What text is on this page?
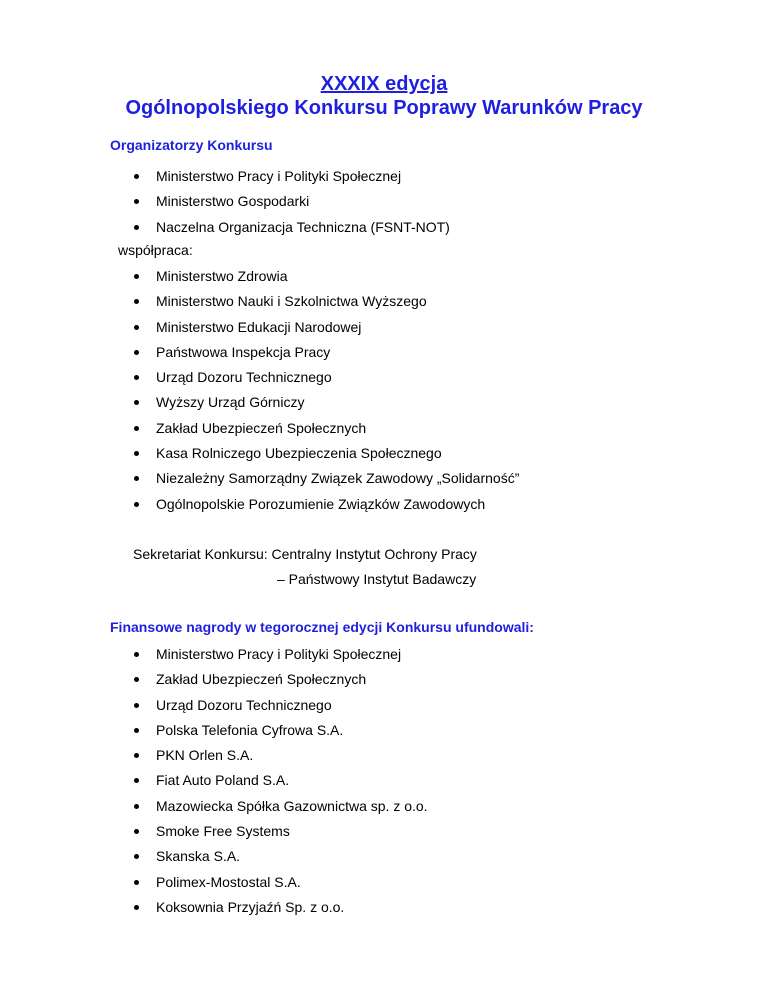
XXXIX edycja
Ogólnopolskiego Konkursu Poprawy Warunków Pracy
Organizatorzy Konkursu
Ministerstwo Pracy i Polityki Społecznej
Ministerstwo Gospodarki
Naczelna Organizacja Techniczna (FSNT-NOT)
współpraca:
Ministerstwo Zdrowia
Ministerstwo Nauki i Szkolnictwa Wyższego
Ministerstwo Edukacji Narodowej
Państwowa Inspekcja Pracy
Urząd Dozoru Technicznego
Wyższy Urząd Górniczy
Zakład Ubezpieczeń Społecznych
Kasa Rolniczego Ubezpieczenia Społecznego
Niezależny Samorządny Związek Zawodowy „Solidarność”
Ogólnopolskie Porozumienie Związków Zawodowych
Sekretariat Konkursu: Centralny Instytut Ochrony Pracy
– Państwowy Instytut Badawczy
Finansowe nagrody w tegorocznej edycji Konkursu ufundowali:
Ministerstwo Pracy i Polityki Społecznej
Zakład Ubezpieczeń Społecznych
Urząd Dozoru Technicznego
Polska Telefonia Cyfrowa S.A.
PKN Orlen S.A.
Fiat Auto Poland S.A.
Mazowiecka Spółka Gazownictwa sp. z o.o.
Smoke Free Systems
Skanska S.A.
Polimex-Mostostal S.A.
Koksownia Przyjaźń Sp. z o.o.
